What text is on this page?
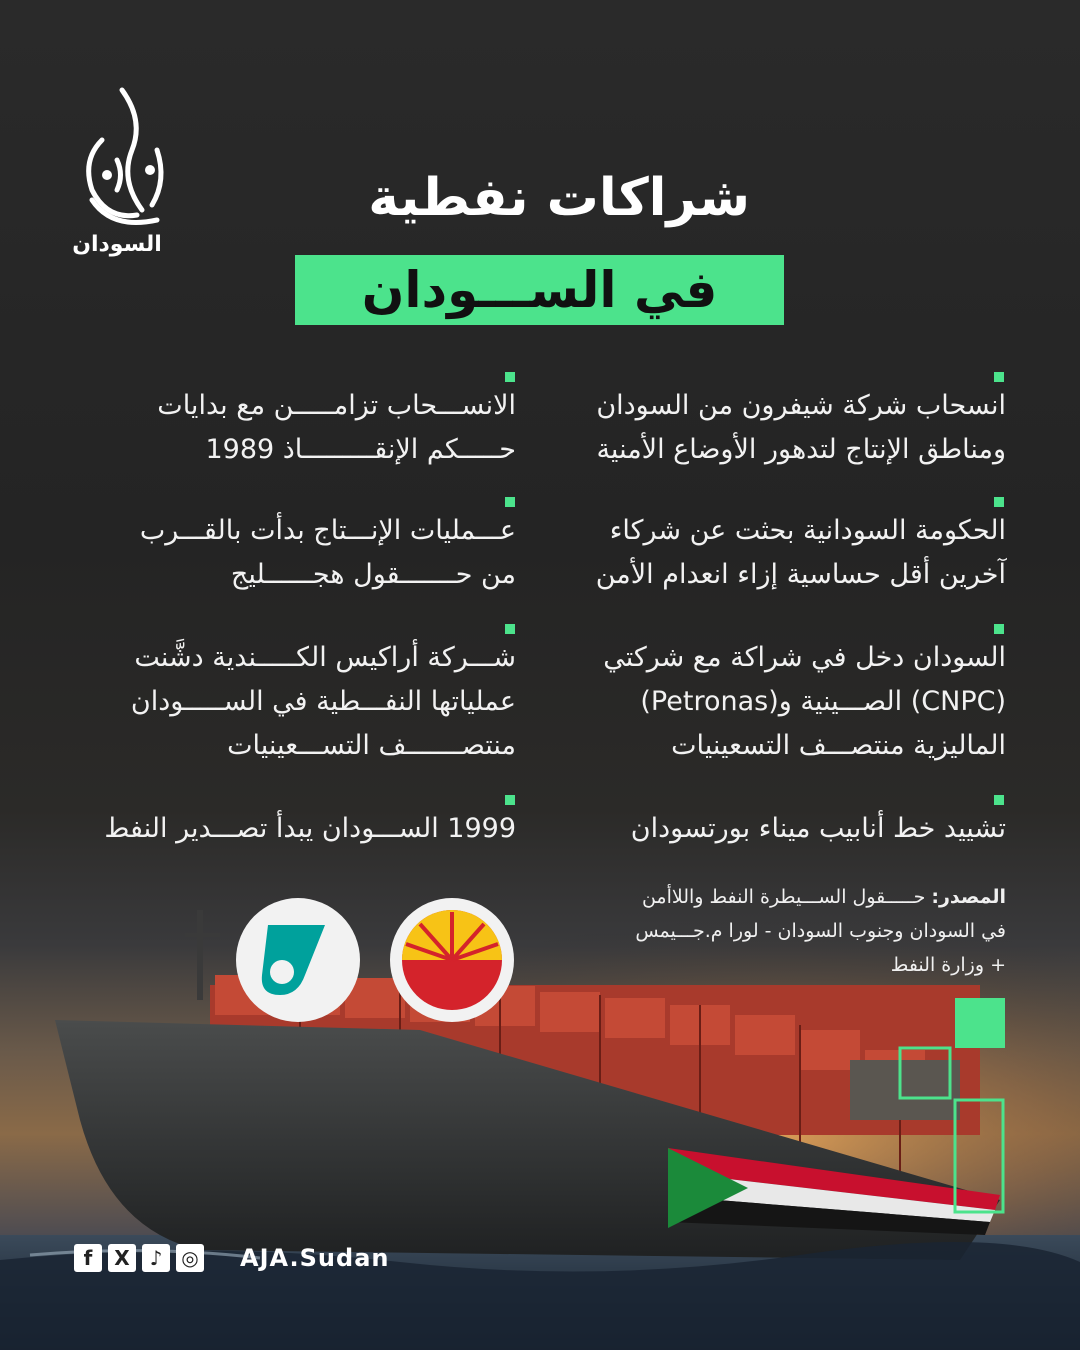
السودان
شراكات نفطية
في الســـودان
انسحاب شركة شيفرون من السودان
ومناطق الإنتاج لتدهور الأوضاع الأمنية
الحكومة السودانية بحثت عن شركاء
آخرين أقل حساسية إزاء انعدام الأمن
السودان دخل في شراكة مع شركتي
(CNPC) الصـــينية و(Petronas)
الماليزية منتصـــف التسعينيات
تشييد خط أنابيب ميناء بورتسودان
الانســـحاب تزامـــــن مع بدايات
حـــــكم الإنقـــــــــاذ 1989
عـــمليات الإنـــتاج بدأت بالقـــرب
من حـــــــقول هجــــــليج
شـــركة أراكيس الكـــــندية دشَّنت
عملياتها النفـــطية في الســـــودان
منتصـــــــف التســـعينيات
1999 الســـودان يبدأ تصـــدير النفط
المصدر: حـــــقول الســـيطرة النفط واللاأمن
في السودان وجنوب السودان - لورا م.جـــيمس
+ وزارة النفط
f	X ♪ ◎ AJA.Sudan
